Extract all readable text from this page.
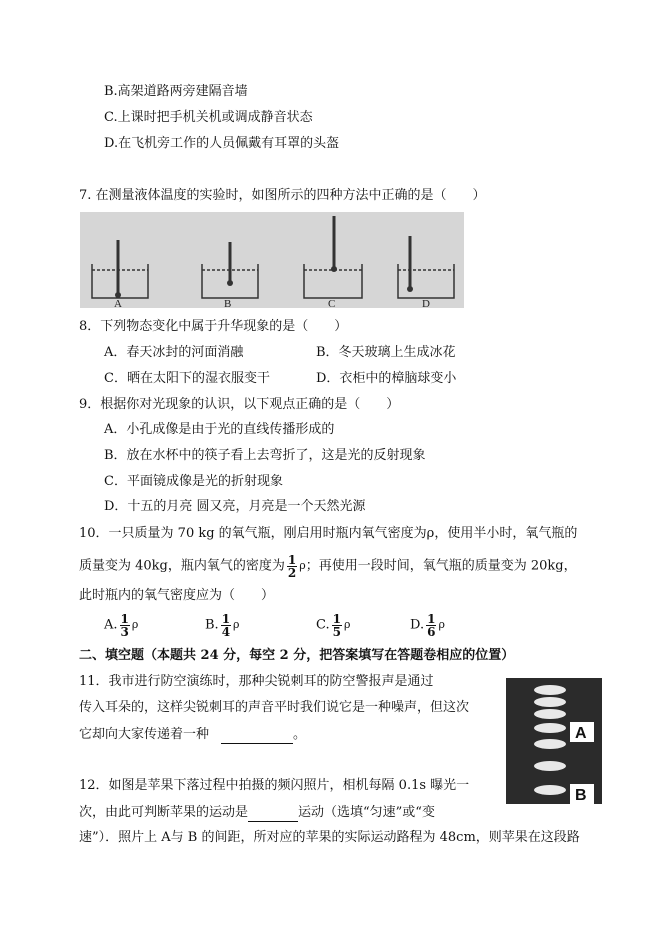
B.高架道路两旁建隔音墙
C.上课时把手机关机或调成静音状态
D.在飞机旁工作的人员佩戴有耳罩的头盔
7. 在测量液体温度的实验时，如图所示的四种方法中正确的是（　　）
A	B	C	D
8．下列物态变化中属于升华现象的是（　　）
A．春天冰封的河面消融	B．冬天玻璃上生成冰花
C．晒在太阳下的湿衣服变干	D．衣柜中的樟脑球变小
9．根据你对光现象的认识，以下观点正确的是（　　）
A．小孔成像是由于光的直线传播形成的
B．放在水杯中的筷子看上去弯折了，这是光的反射现象
C．平面镜成像是光的折射现象
D．十五的月亮 圆又亮，月亮是一个天然光源
10．一只质量为 70 kg 的氧气瓶，刚启用时瓶内氧气密度为ρ，使用半小时，氧气瓶的
质量变为 40kg，瓶内氧气的密度为 $\frac{1}{2}$ ρ；再使用一段时间，氧气瓶的质量变为 20kg，
此时瓶内的氧气密度应为（　　）
A. $\frac{1}{3}$ ρ	B. $\frac{1}{4}$ ρ	C. $\frac{1}{5}$ ρ	D. $\frac{1}{6}$ ρ
二、填空题（本题共 24 分，每空 2 分，把答案填写在答题卷相应的位置）
11．我市进行防空演练时，那种尖锐刺耳的防空警报声是通过
传入耳朵的，这样尖锐刺耳的声音平时我们说它是一种噪声，但这次
它却向大家传递着一种	。	A
B
12．如图是苹果下落过程中拍摄的频闪照片，相机每隔 0.1s 曝光一
次，由此可判断苹果的运动是	运动（选填“匀速”或“变
速”）．照片上 A与 B 的间距，所对应的苹果的实际运动路程为 48cm，则苹果在这段路
